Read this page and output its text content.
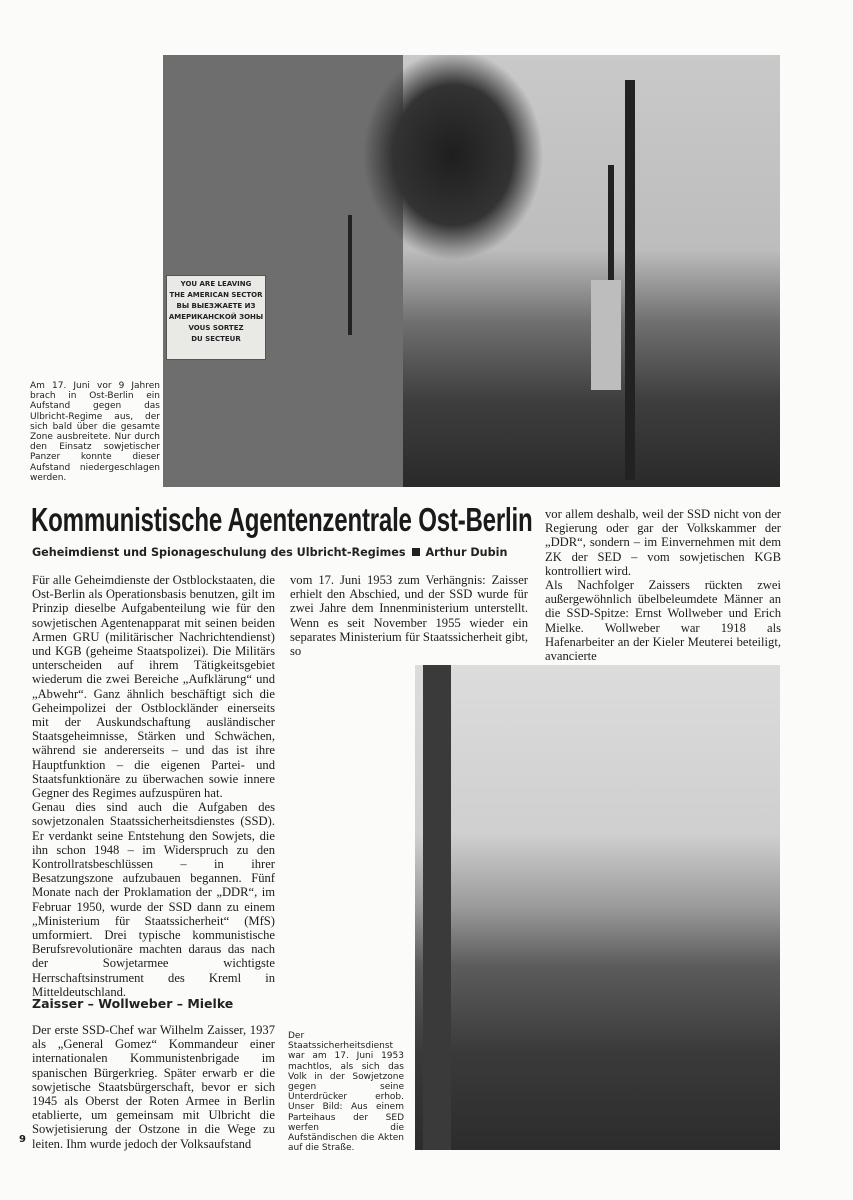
YOU ARE LEAVING
THE AMERICAN SECTOR
ВЫ ВЫЕЗЖАЕТЕ ИЗ
АМЕРИКАНСКОЙ ЗОНЫ
VOUS SORTEZ
DU SECTEUR
Am 17. Juni vor 9 Jahren brach in Ost-Berlin ein Aufstand gegen das Ulbricht-Regime aus, der sich bald über die gesamte Zone ausbreitete. Nur durch den Einsatz sowjetischer Panzer konnte dieser Aufstand niedergeschlagen werden.
Kommunistische Agentenzentrale Ost-Berlin
Geheimdienst und Spionageschulung des Ulbricht-Regimes Arthur Dubin

Für alle Geheimdienste der Ostblockstaaten, die Ost-Berlin als Operationsbasis benutzen, gilt im Prinzip dieselbe Aufgabenteilung wie für den sowjetischen Agentenapparat mit seinen beiden Armen GRU (militärischer Nachrichtendienst) und KGB (geheime Staatspolizei). Die Militärs unterscheiden auf ihrem Tätigkeitsgebiet wiederum die zwei Bereiche „Aufklärung“ und „Abwehr“. Ganz ähnlich beschäftigt sich die Geheimpolizei der Ostblockländer einerseits mit der Auskundschaftung ausländischer Staatsgeheimnisse, Stärken und Schwächen, während sie andererseits – und das ist ihre Hauptfunktion – die eigenen Partei- und Staatsfunktionäre zu überwachen sowie innere Gegner des Regimes aufzuspüren hat.

Genau dies sind auch die Aufgaben des sowjetzonalen Staatssicherheitsdienstes (SSD). Er verdankt seine Entstehung den Sowjets, die ihn schon 1948 – im Widerspruch zu den Kontrollratsbeschlüssen – in ihrer Besatzungszone aufzubauen begannen. Fünf Monate nach der Proklamation der „DDR“, im Februar 1950, wurde der SSD dann zu einem „Ministerium für Staatssicherheit“ (MfS) umformiert. Drei typische kommunistische Berufsrevolutionäre machten daraus das nach der Sowjetarmee wichtigste Herrschaftsinstrument des Kreml in Mitteldeutschland.

Zaisser – Wollweber – Mielke

Der erste SSD-Chef war Wilhelm Zaisser, 1937 als „General Gomez“ Kommandeur einer internationalen Kommunistenbrigade im spanischen Bürgerkrieg. Später erwarb er die sowjetische Staatsbürgerschaft, bevor er sich 1945 als Oberst der Roten Armee in Berlin etablierte, um gemeinsam mit Ulbricht die Sowjetisierung der Ostzone in die Wege zu leiten. Ihm wurde jedoch der Volksaufstand

vom 17. Juni 1953 zum Verhängnis: Zaisser erhielt den Abschied, und der SSD wurde für zwei Jahre dem Innenministerium unterstellt. Wenn es seit November 1955 wieder ein separates Ministerium für Staatssicherheit gibt, so

vor allem deshalb, weil der SSD nicht von der Regierung oder gar der Volkskammer der „DDR“, sondern – im Einvernehmen mit dem ZK der SED – vom sowjetischen KGB kontrolliert wird.

Als Nachfolger Zaissers rückten zwei außergewöhnlich übelbeleumdete Männer an die SSD-Spitze: Ernst Wollweber und Erich Mielke. Wollweber war 1918 als Hafenarbeiter an der Kieler Meuterei beteiligt, avancierte

Der Staatssicherheitsdienst war am 17. Juni 1953 machtlos, als sich das Volk in der Sowjetzone gegen seine Unterdrücker erhob. Unser Bild: Aus einem Parteihaus der SED werfen die Aufständischen die Akten auf die Straße.
9
